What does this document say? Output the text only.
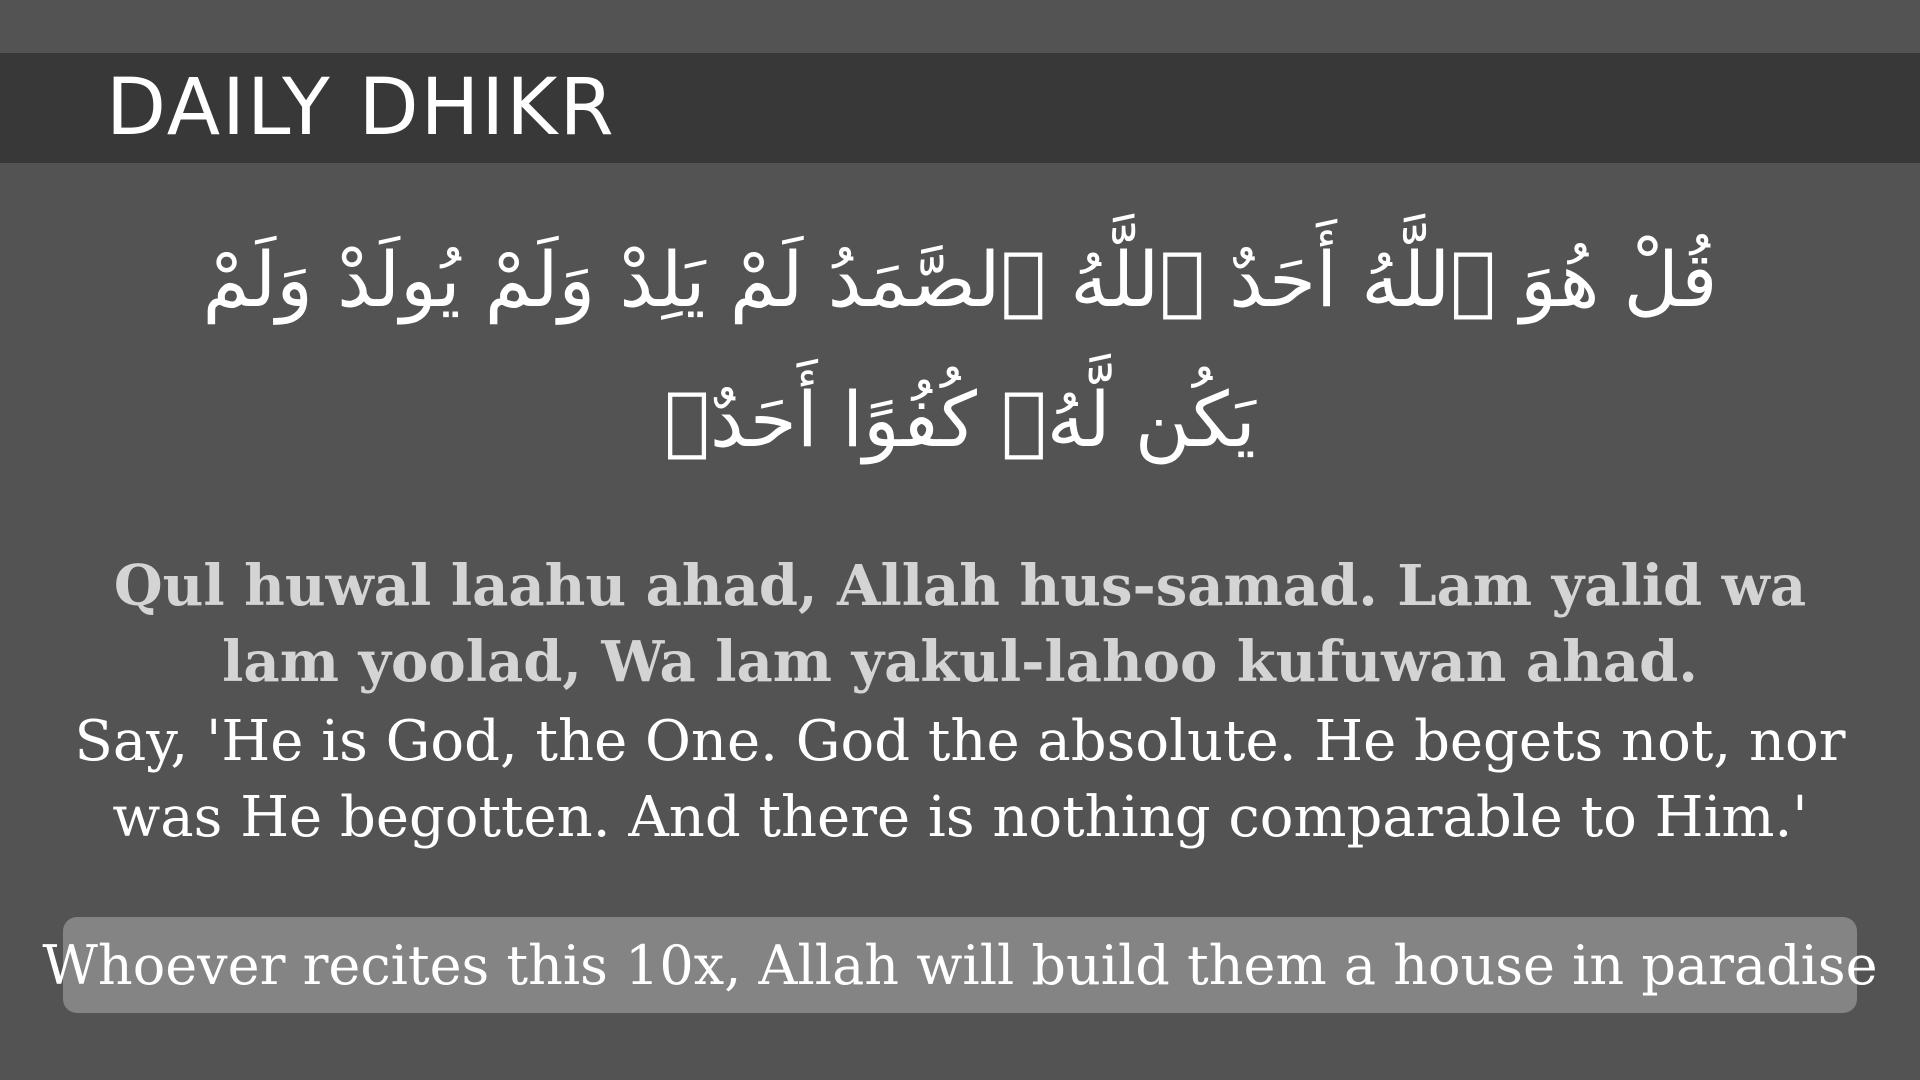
DAILY DHIKR
قُلْ هُوَ ٱللَّهُ أَحَدٌ ٱللَّهُ ٱلصَّمَدُ لَمْ يَلِدْ وَلَمْ يُولَدْ وَلَمْ يَكُن لَّهُۥ كُفُوًا أَحَدٌۢ
Qul huwal laahu ahad, Allah hus-samad. Lam yalid wa lam yoolad, Wa lam yakul-lahoo kufuwan ahad.
Say, 'He is God, the One. God the absolute. He begets not, nor was He begotten. And there is nothing comparable to Him.'
Whoever recites this 10x, Allah will build them a house in paradise
